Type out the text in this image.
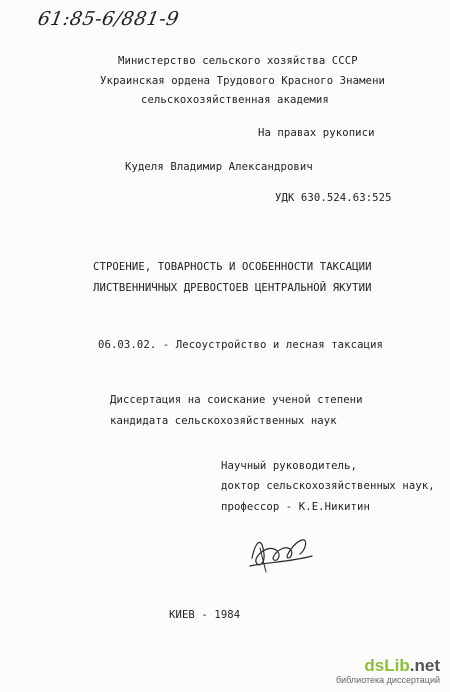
61:85-6/881-9
Министерство сельского хозяйства СССР
Украинская ордена Трудового Красного Знамени
сельскохозяйственная академия
На правах рукописи
Куделя Владимир Александрович
УДК 630.524.63:525
СТРОЕНИЕ, ТОВАРНОСТЬ И ОСОБЕННОСТИ ТАКСАЦИИ
ЛИСТВЕННИЧНЫХ ДРЕВОСТОЕВ ЦЕНТРАЛЬНОЙ ЯКУТИИ
06.03.02. - Лесоустройство и лесная таксация
Диссертация на соискание ученой степени
кандидата сельскохозяйственных наук
Научный руководитель,
доктор сельскохозяйственных наук,
профессор - К.Е.Никитин
КИЕВ - 1984
dsLib.net
библиотека диссертаций
